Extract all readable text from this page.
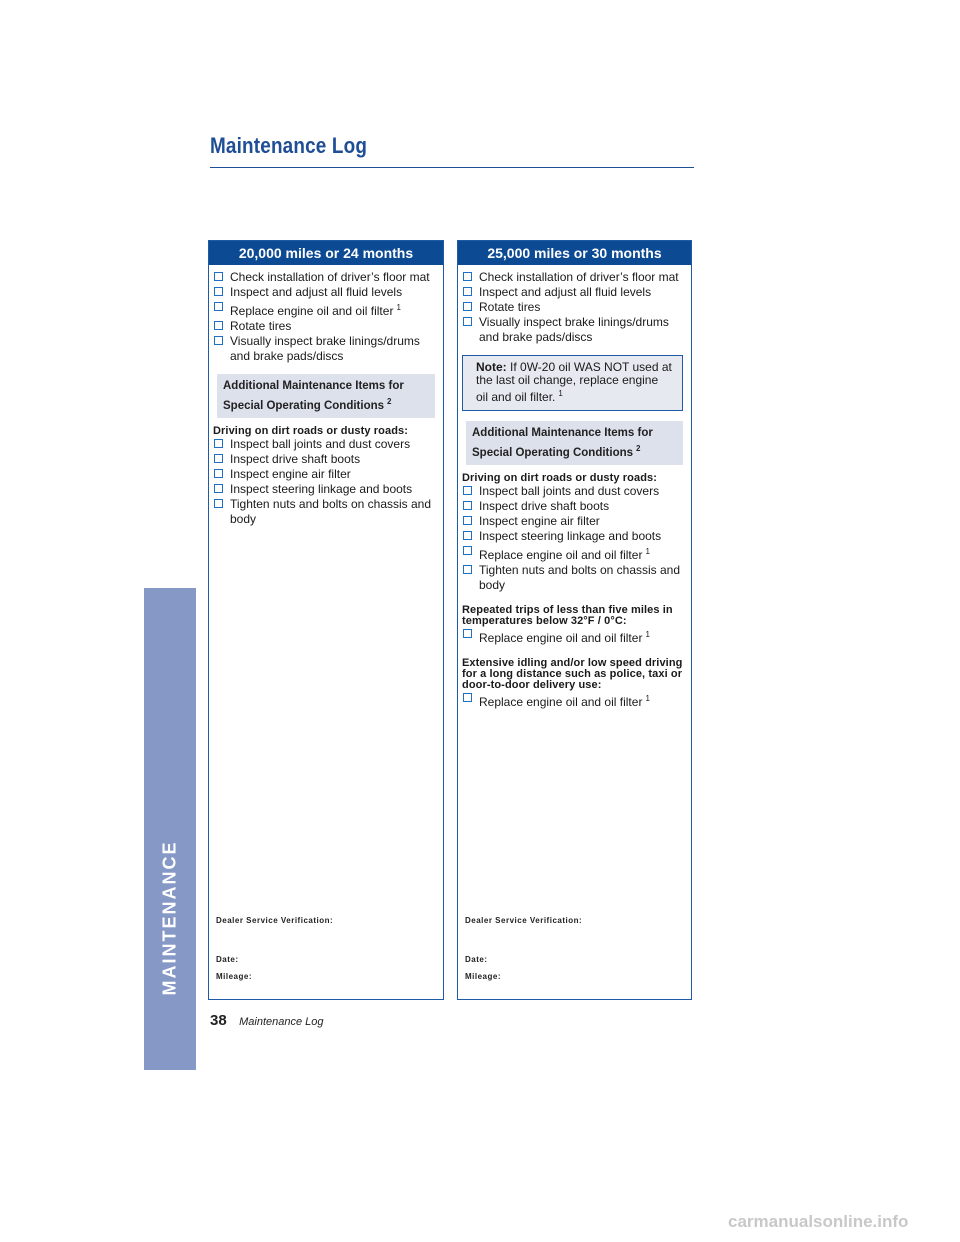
Maintenance Log
MAINTENANCE
20,000 miles or 24 months
Check installation of driver’s floor mat
Inspect and adjust all fluid levels
Replace engine oil and oil filter $^1$
Rotate tires
Visually inspect brake linings/drums and brake pads/discs
Additional Maintenance Items for
Special Operating Conditions $^2$
Driving on dirt roads or dusty roads:
Inspect ball joints and dust covers
Inspect drive shaft boots
Inspect engine air filter
Inspect steering linkage and boots
Tighten nuts and bolts on chassis and body
Dealer Service Verification:
Date:
Mileage:
25,000 miles or 30 months
Check installation of driver’s floor mat
Inspect and adjust all fluid levels
Rotate tires
Visually inspect brake linings/drums and brake pads/discs
Note: If 0W-20 oil WAS NOT used at the last oil change, replace engine oil and oil filter. $^1$
Additional Maintenance Items for
Special Operating Conditions $^2$
Driving on dirt roads or dusty roads:
Inspect ball joints and dust covers
Inspect drive shaft boots
Inspect engine air filter
Inspect steering linkage and boots
Replace engine oil and oil filter $^1$
Tighten nuts and bolts on chassis and body
Repeated trips of less than five miles in temperatures below 32°F / 0°C:
Replace engine oil and oil filter $^1$
Extensive idling and/or low speed driving for a long distance such as police, taxi or door-to-door delivery use:
Replace engine oil and oil filter $^1$
Dealer Service Verification:
Date:
Mileage:
38 Maintenance Log
carmanualsonline.info
